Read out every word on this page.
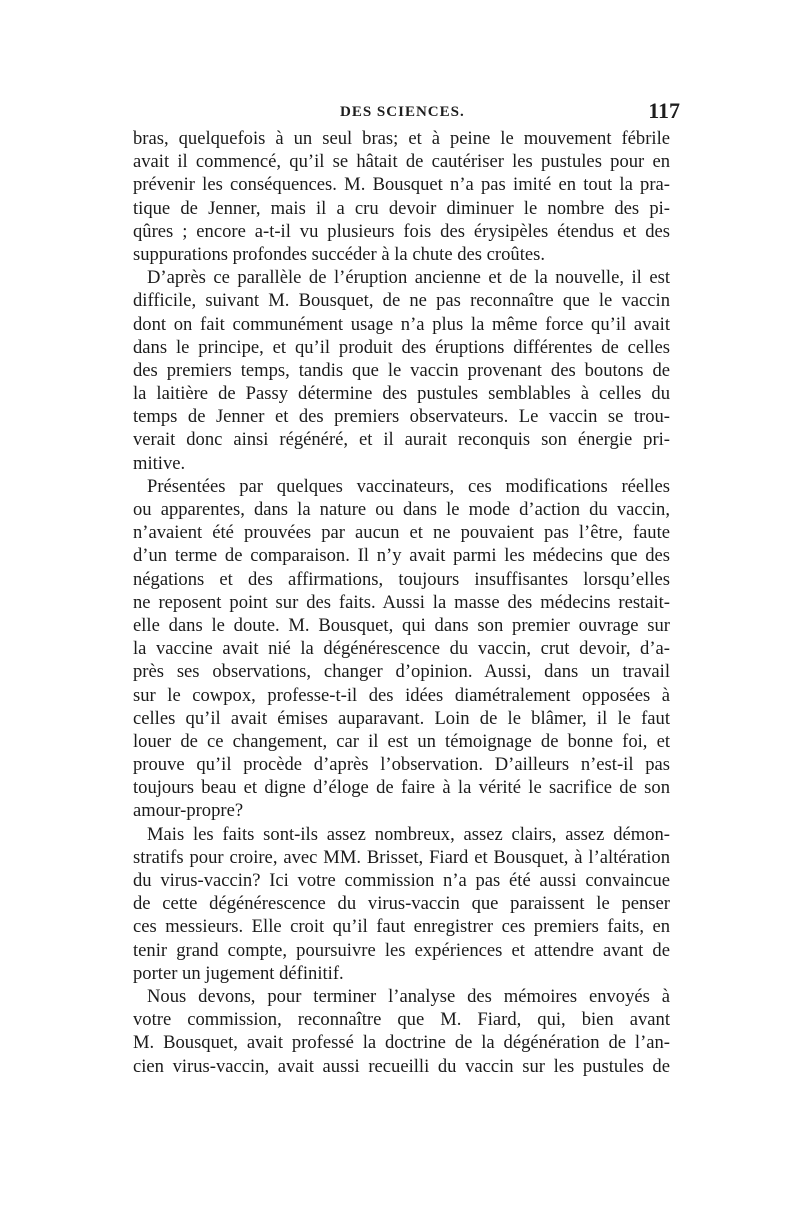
DES SCIENCES.	117
bras, quelquefois à un seul bras; et à peine le mouvement fébrile
avait il commencé, qu’il se hâtait de cautériser les pustules pour en
prévenir les conséquences. M. Bousquet n’a pas imité en tout la pra-
tique de Jenner, mais il a cru devoir diminuer le nombre des pi-
qûres ; encore a-t-il vu plusieurs fois des érysipèles étendus et des
suppurations profondes succéder à la chute des croûtes.
D’après ce parallèle de l’éruption ancienne et de la nouvelle, il est
difficile, suivant M. Bousquet, de ne pas reconnaître que le vaccin
dont on fait communément usage n’a plus la même force qu’il avait
dans le principe, et qu’il produit des éruptions différentes de celles
des premiers temps, tandis que le vaccin provenant des boutons de
la laitière de Passy détermine des pustules semblables à celles du
temps de Jenner et des premiers observateurs. Le vaccin se trou-
verait donc ainsi régénéré, et il aurait reconquis son énergie pri-
mitive.
Présentées par quelques vaccinateurs, ces modifications réelles
ou apparentes, dans la nature ou dans le mode d’action du vaccin,
n’avaient été prouvées par aucun et ne pouvaient pas l’être, faute
d’un terme de comparaison. Il n’y avait parmi les médecins que des
négations et des affirmations, toujours insuffisantes lorsqu’elles
ne reposent point sur des faits. Aussi la masse des médecins restait-
elle dans le doute. M. Bousquet, qui dans son premier ouvrage sur
la vaccine avait nié la dégénérescence du vaccin, crut devoir, d’a-
près ses observations, changer d’opinion. Aussi, dans un travail
sur le cowpox, professe-t-il des idées diamétralement opposées à
celles qu’il avait émises auparavant. Loin de le blâmer, il le faut
louer de ce changement, car il est un témoignage de bonne foi, et
prouve qu’il procède d’après l’observation. D’ailleurs n’est-il pas
toujours beau et digne d’éloge de faire à la vérité le sacrifice de son
amour-propre?
Mais les faits sont-ils assez nombreux, assez clairs, assez démon-
stratifs pour croire, avec MM. Brisset, Fiard et Bousquet, à l’altération
du virus-vaccin? Ici votre commission n’a pas été aussi convaincue
de cette dégénérescence du virus-vaccin que paraissent le penser
ces messieurs. Elle croit qu’il faut enregistrer ces premiers faits, en
tenir grand compte, poursuivre les expériences et attendre avant de
porter un jugement définitif.
Nous devons, pour terminer l’analyse des mémoires envoyés à
votre commission, reconnaître que M. Fiard, qui, bien avant
M. Bousquet, avait professé la doctrine de la dégénération de l’an-
cien virus-vaccin, avait aussi recueilli du vaccin sur les pustules de
